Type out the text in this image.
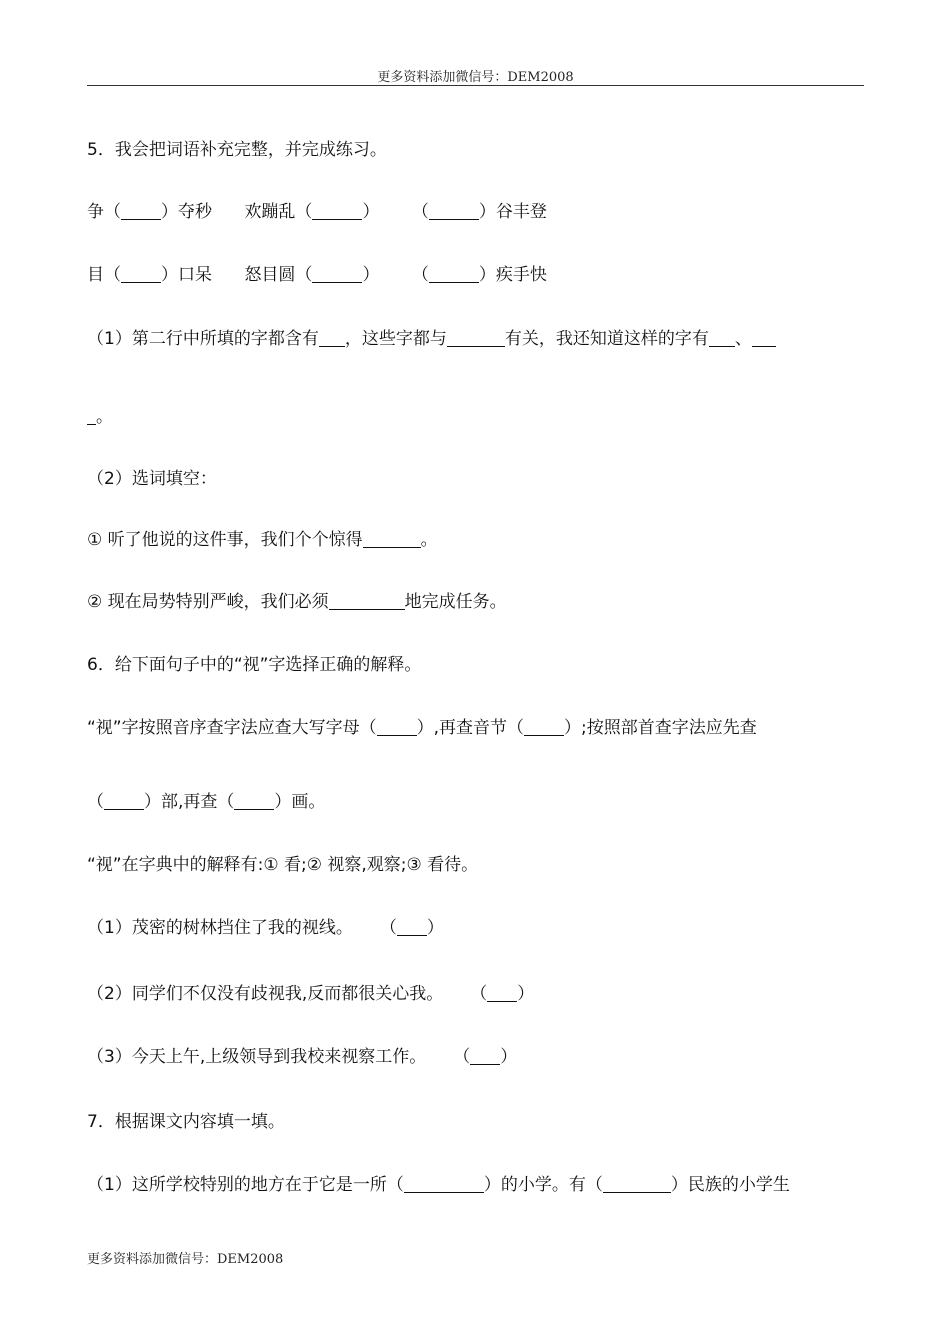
更多资料添加微信号：DEM2008
5．我会把词语补充完整，并完成练习。
争（ ）夺秒 欢蹦乱（	） （	）谷丰登
目（ ）口呆 怒目圆（	） （	）疾手快
（1）第二行中所填的字都含有 ，这些字都与	有关，我还知道这样的字有 、
。
（2）选词填空：
① 听了他说的这件事，我们个个惊得	。
② 现在局势特别严峻，我们必须	地完成任务。
6．给下面句子中的“视”字选择正确的解释。
“视”字按照音序查字法应查大写字母（ ）,再查音节（ ）;按照部首查字法应先查
（ ）部,再查（ ）画。
“视”在字典中的解释有:① 看;② 视察,观察;③ 看待。
（1）茂密的树林挡住了我的视线。 （ ）
（2）同学们不仅没有歧视我,反而都很关心我。 （ ）
（3）今天上午,上级领导到我校来视察工作。 （ ）
7．根据课文内容填一填。
（1）这所学校特别的地方在于它是一所（	）的小学。有（	）民族的小学生
更多资料添加微信号：DEM2008
